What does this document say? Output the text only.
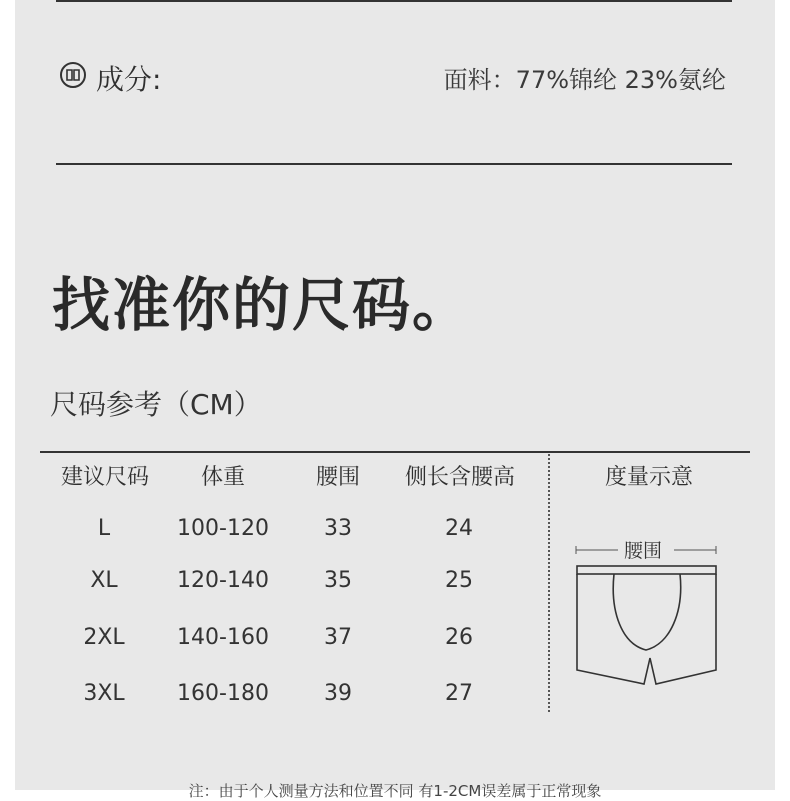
成分:	面料：77%锦纶 23%氨纶
找准你的尺码。
尺码参考（CM）
建议尺码	体重	腰围	侧长含腰高	度量示意
L	100-120	33	24
XL	120-140	35	25
2XL	140-160	37	26
3XL	160-180	39	27
腰围
注：由于个人测量方法和位置不同 有1-2CM误差属于正常现象
